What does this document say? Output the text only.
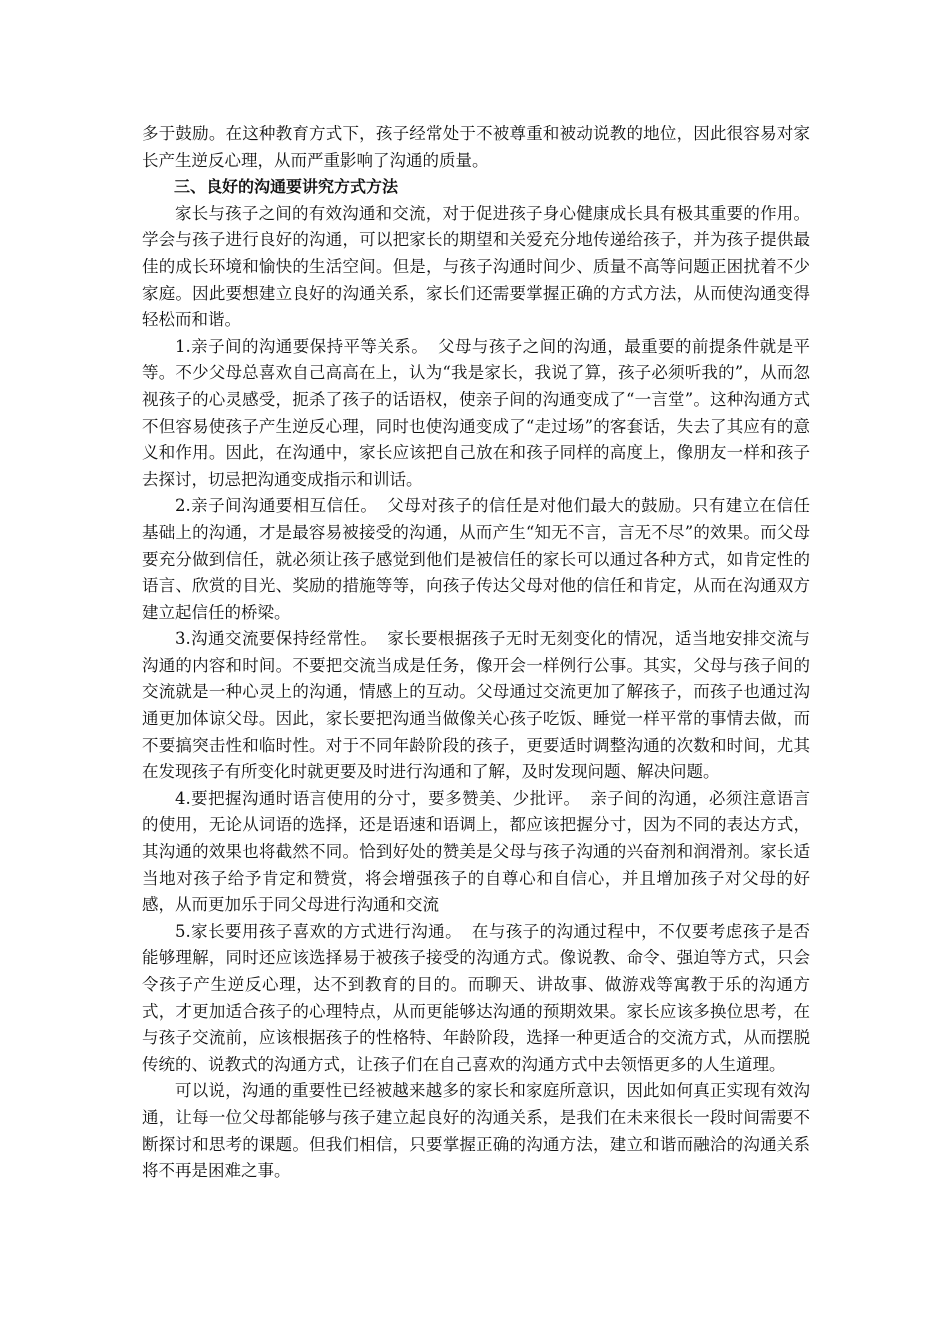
多于鼓励。在这种教育方式下，孩子经常处于不被尊重和被动说教的地位，因此很容易对家长产生逆反心理，从而严重影响了沟通的质量。

三、良好的沟通要讲究方式方法

家长与孩子之间的有效沟通和交流，对于促进孩子身心健康成长具有极其重要的作用。学会与孩子进行良好的沟通，可以把家长的期望和关爱充分地传递给孩子，并为孩子提供最佳的成长环境和愉快的生活空间。但是，与孩子沟通时间少、质量不高等问题正困扰着不少家庭。因此要想建立良好的沟通关系，家长们还需要掌握正确的方式方法，从而使沟通变得轻松而和谐。

1.亲子间的沟通要保持平等关系。 父母与孩子之间的沟通，最重要的前提条件就是平等。不少父母总喜欢自己高高在上，认为“我是家长，我说了算，孩子必须听我的”，从而忽视孩子的心灵感受，扼杀了孩子的话语权，使亲子间的沟通变成了“一言堂”。这种沟通方式不但容易使孩子产生逆反心理，同时也使沟通变成了“走过场”的客套话，失去了其应有的意义和作用。因此，在沟通中，家长应该把自己放在和孩子同样的高度上，像朋友一样和孩子去探讨，切忌把沟通变成指示和训话。

2.亲子间沟通要相互信任。 父母对孩子的信任是对他们最大的鼓励。只有建立在信任基础上的沟通，才是最容易被接受的沟通，从而产生“知无不言，言无不尽”的效果。而父母要充分做到信任，就必须让孩子感觉到他们是被信任的家长可以通过各种方式，如肯定性的语言、欣赏的目光、奖励的措施等等，向孩子传达父母对他的信任和肯定，从而在沟通双方建立起信任的桥梁。

3.沟通交流要保持经常性。 家长要根据孩子无时无刻变化的情况，适当地安排交流与沟通的内容和时间。不要把交流当成是任务，像开会一样例行公事。其实，父母与孩子间的交流就是一种心灵上的沟通，情感上的互动。父母通过交流更加了解孩子，而孩子也通过沟通更加体谅父母。因此，家长要把沟通当做像关心孩子吃饭、睡觉一样平常的事情去做，而不要搞突击性和临时性。对于不同年龄阶段的孩子，更要适时调整沟通的次数和时间，尤其在发现孩子有所变化时就更要及时进行沟通和了解，及时发现问题、解决问题。

4.要把握沟通时语言使用的分寸，要多赞美、少批评。 亲子间的沟通，必须注意语言的使用，无论从词语的选择，还是语速和语调上，都应该把握分寸，因为不同的表达方式，其沟通的效果也将截然不同。恰到好处的赞美是父母与孩子沟通的兴奋剂和润滑剂。家长适当地对孩子给予肯定和赞赏，将会增强孩子的自尊心和自信心，并且增加孩子对父母的好感，从而更加乐于同父母进行沟通和交流

5.家长要用孩子喜欢的方式进行沟通。 在与孩子的沟通过程中，不仅要考虑孩子是否能够理解，同时还应该选择易于被孩子接受的沟通方式。像说教、命令、强迫等方式，只会令孩子产生逆反心理，达不到教育的目的。而聊天、讲故事、做游戏等寓教于乐的沟通方式，才更加适合孩子的心理特点，从而更能够达沟通的预期效果。家长应该多换位思考，在与孩子交流前，应该根据孩子的性格特、年龄阶段，选择一种更适合的交流方式，从而摆脱传统的、说教式的沟通方式，让孩子们在自己喜欢的沟通方式中去领悟更多的人生道理。

可以说，沟通的重要性已经被越来越多的家长和家庭所意识，因此如何真正实现有效沟通，让每一位父母都能够与孩子建立起良好的沟通关系，是我们在未来很长一段时间需要不断探讨和思考的课题。但我们相信，只要掌握正确的沟通方法，建立和谐而融洽的沟通关系将不再是困难之事。
